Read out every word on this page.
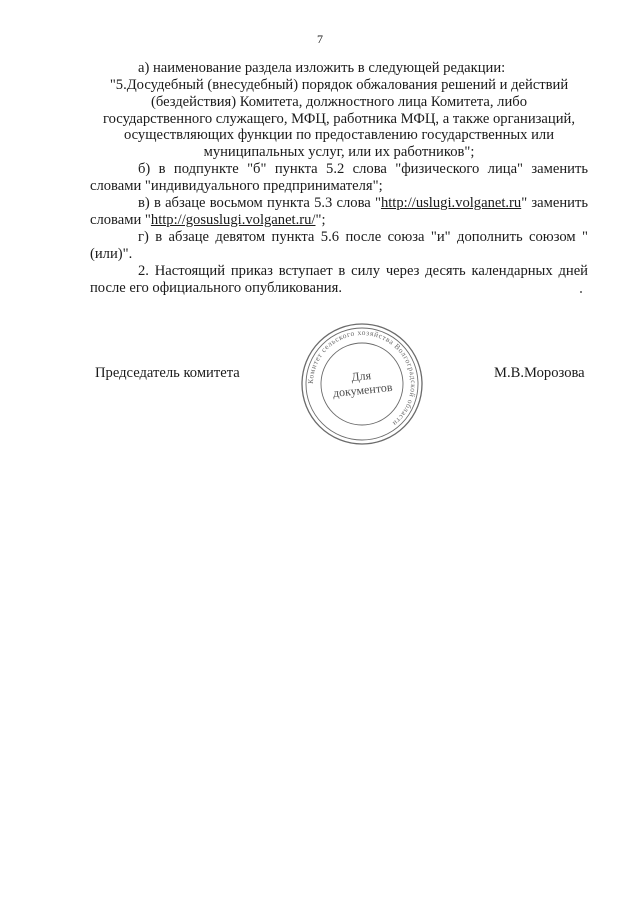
7

а) наименование раздела изложить в следующей редакции:

"5.Досудебный (внесудебный) порядок обжалования решений и действий

(бездействия) Комитета, должностного лица Комитета, либо

государственного служащего, МФЦ, работника МФЦ, а также организаций,

осуществляющих функции по предоставлению государственных или

муниципальных услуг, или их работников";

б) в подпункте "б" пункта 5.2 слова "физического лица" заменить словами "индивидуального предпринимателя";

в) в абзаце восьмом пункта 5.3 слова "http://uslugi.volganet.ru" заменить словами "http://gosuslugi.volganet.ru/";

г) в абзаце девятом пункта 5.6 после союза "и" дополнить союзом "(или)".

2. Настоящий приказ вступает в силу через десять календарных дней после его официального опубликования.

Председатель комитета
Комитет сельского хозяйства Волгоградской области
Для
документов
М.В.Морозова
